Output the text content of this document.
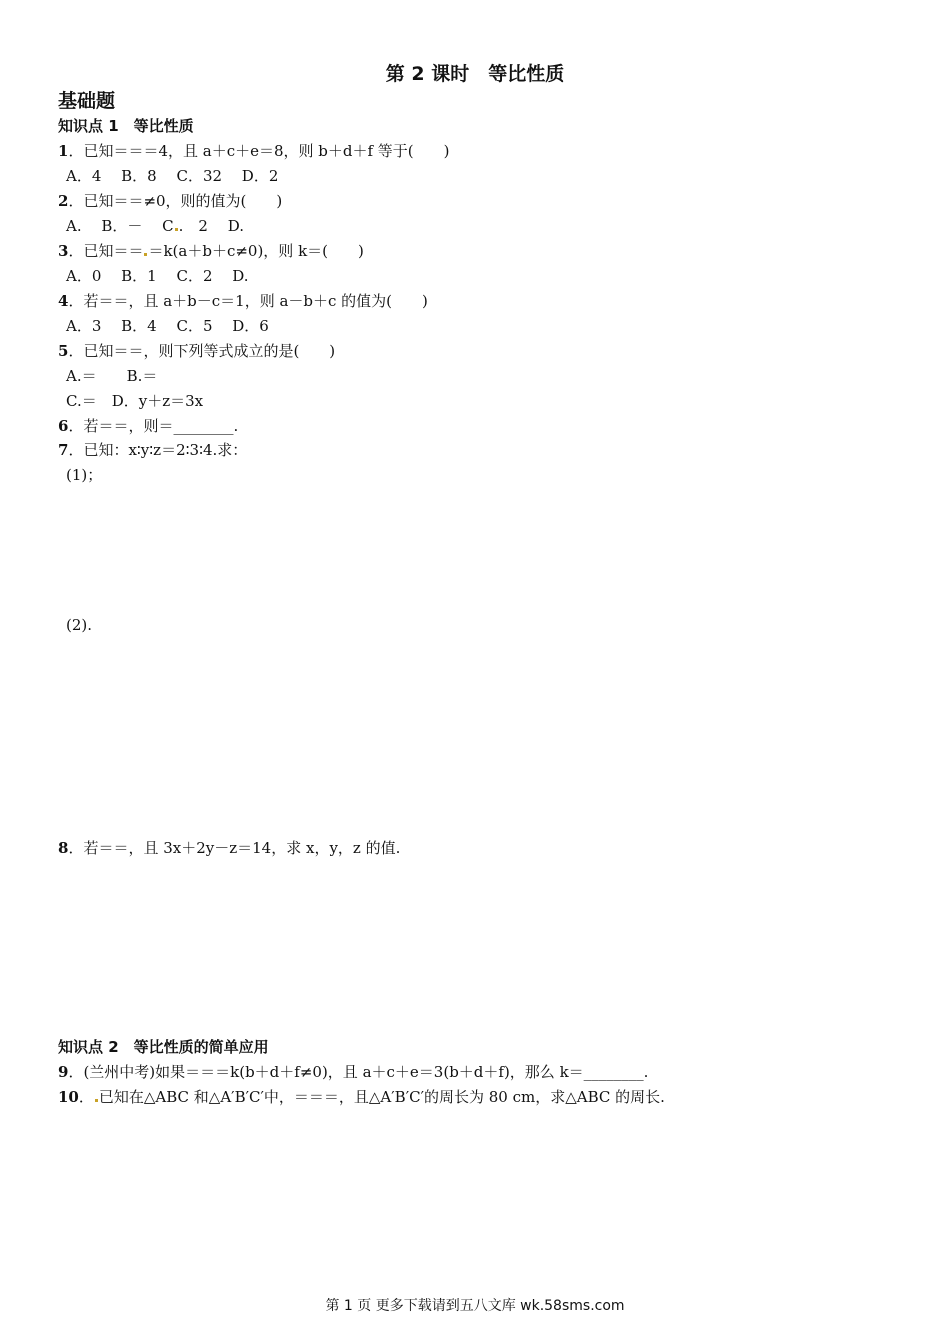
第 2 课时　等比性质
基础题
知识点 1　等比性质
1．已知＝＝＝4，且 a＋c＋e＝8，则 b＋d＋f 等于(　　)
A．4　 B．8　 C．32　 D．2
2．已知＝＝≠0，则的值为(　　)
A.　 B．－　 C .　2　 D.
3．已知＝＝ ＝k(a＋b＋c≠0)，则 k＝(　　)
A．0　 B．1　 C．2　 D.
4．若＝＝，且 a＋b－c＝1，则 a－b＋c 的值为(　　)
A．3　 B．4　 C．5　 D．6
5．已知＝＝，则下列等式成立的是(　　)
A.＝　　B.＝
C.＝　D．y＋z＝3x
6．若＝＝，则＝________.
7．已知：x∶y∶z＝2∶3∶4.求：
(1)；
(2).
8．若＝＝，且 3x＋2y－z＝14，求 x，y，z 的值.
知识点 2　等比性质的简单应用
9．(兰州中考)如果＝＝＝k(b＋d＋f≠0)，且 a＋c＋e＝3(b＋d＋f)，那么 k＝________.
10． 已知在△ABC 和△A′B′C′中，＝＝＝，且△A′B′C′的周长为 80 cm，求△ABC 的周长.
第 1 页 更多下载请到五八文库 wk.58sms.com
